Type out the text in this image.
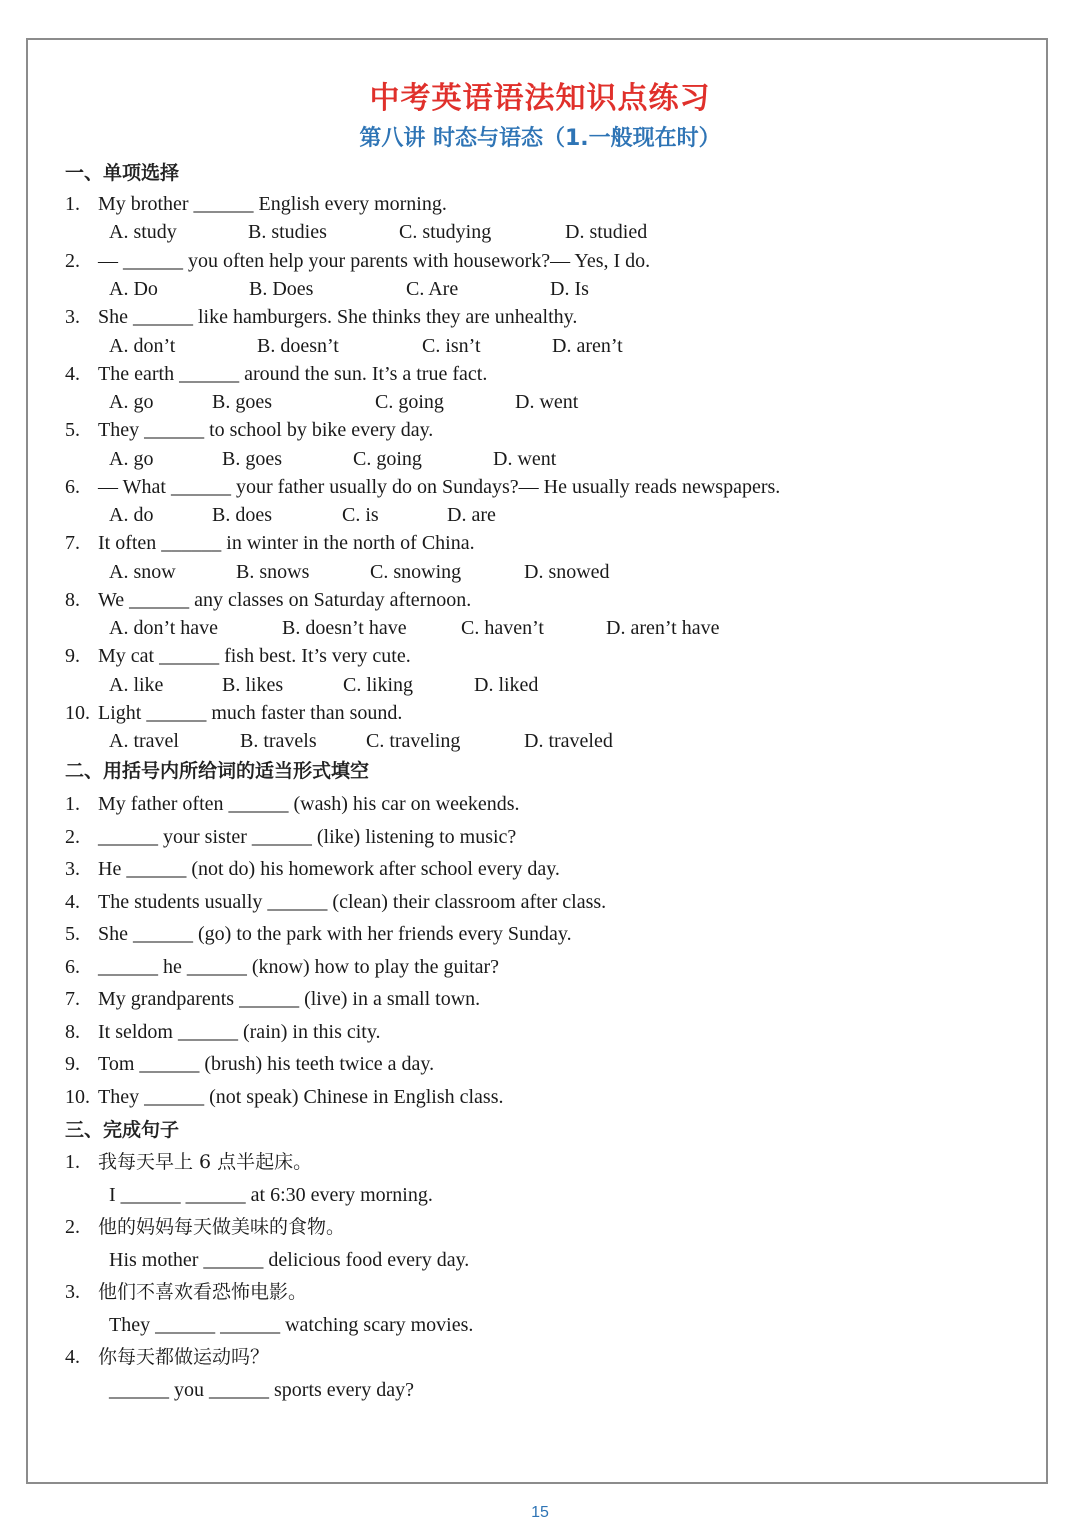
中考英语语法知识点练习
第八讲 时态与语态（1.一般现在时）
一、单项选择
1. My brother ______ English every morning.
A. study	B. studies	C. studying	D. studied
2. — ______ you often help your parents with housework?— Yes, I do.
A. Do	B. Does	C. Are	D. Is
3. She ______ like hamburgers. She thinks they are unhealthy.
A. don’t	B. doesn’t	C. isn’t	D. aren’t
4. The earth ______ around the sun. It’s a true fact.
A. go	B. goes	C. going	D. went
5. They ______ to school by bike every day.
A. go	B. goes	C. going	D. went
6. — What ______ your father usually do on Sundays?— He usually reads newspapers.
A. do	B. does	C. is	D. are
7. It often ______ in winter in the north of China.
A. snow	B. snows	C. snowing	D. snowed
8. We ______ any classes on Saturday afternoon.
A. don’t have	B. doesn’t have	C. haven’t	D. aren’t have
9. My cat ______ fish best. It’s very cute.
A. like	B. likes	C. liking	D. liked
10. Light ______ much faster than sound.
A. travel	B. travels C. traveling	D. traveled
二、用括号内所给词的适当形式填空
1. My father often ______ (wash) his car on weekends.
2. ______ your sister ______ (like) listening to music?
3. He ______ (not do) his homework after school every day.
4. The students usually ______ (clean) their classroom after class.
5. She ______ (go) to the park with her friends every Sunday.
6. ______ he ______ (know) how to play the guitar?
7. My grandparents ______ (live) in a small town.
8. It seldom ______ (rain) in this city.
9. Tom ______ (brush) his teeth twice a day.
10. They ______ (not speak) Chinese in English class.
三、完成句子
1. 我每天早上 6 点半起床。
I ______ ______ at 6:30 every morning.
2. 他的妈妈每天做美味的食物。
His mother ______ delicious food every day.
3. 他们不喜欢看恐怖电影。
They ______ ______ watching scary movies.
4. 你每天都做运动吗？
______ you ______ sports every day?
15
